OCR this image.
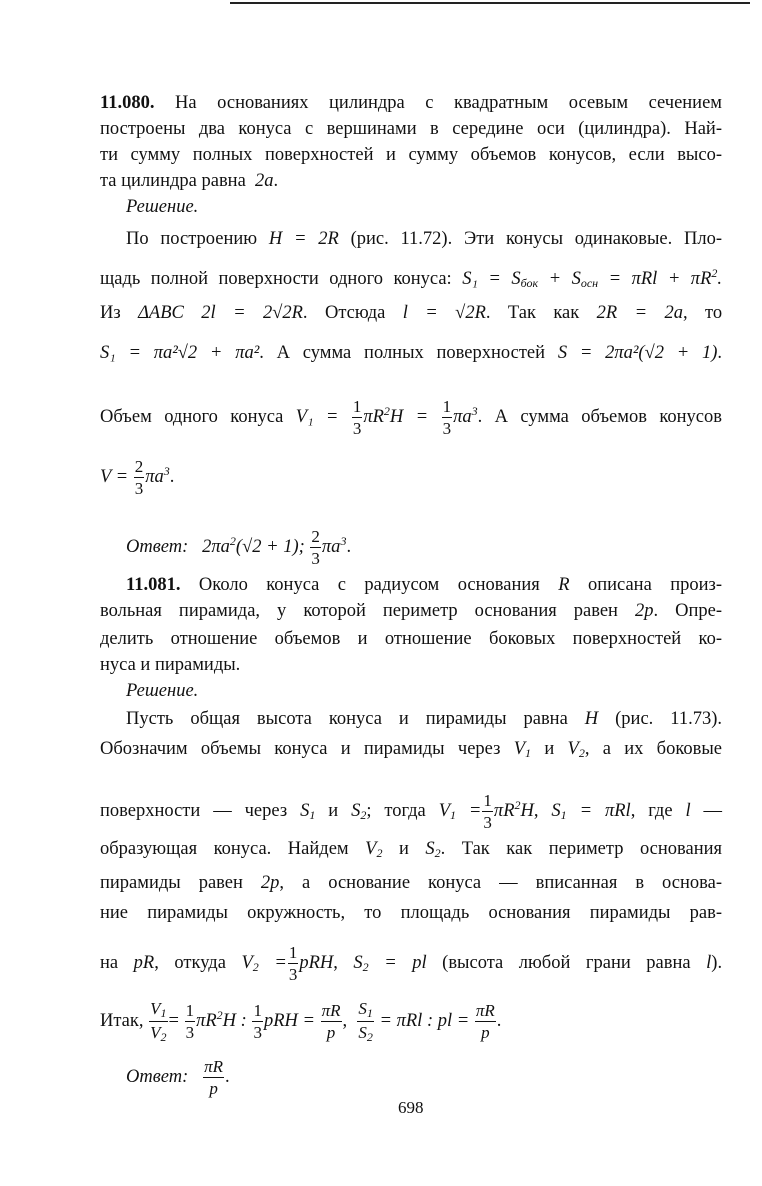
11.080. На основаниях цилиндра с квадратным осевым сечением
построены два конуса с вершинами в середине оси (цилиндра). Най-
ти сумму полных поверхностей и сумму объемов конусов, если высо-
та цилиндра равна 2a.
Решение.
По построению H = 2R (рис. 11.72). Эти конусы одинаковые. Пло-
щадь полной поверхности одного конуса: $S_1 = S_{бок} + S_{осн} = \pi Rl + \pi R^2$.
Из ΔABC 2l = 2√2R. Отсюда l = √2R. Так как 2R = 2a, то
S₁ = πa²√2 + πa². А сумма полных поверхностей S = 2πa²(√2 + 1).
Объем одного конуса $V_1 = \frac{1}{3} \pi R^2H = \frac{1}{3} \pi a^3$. А сумма объемов конусов
$V = \frac{2}{3} \pi a^3$.
Ответ: $2\pi a^2(√2 + 1)$; $\frac{2}{3} \pi a^3$.
11.081. Около конуса с радиусом основания R описана произ-
вольная пирамида, у которой периметр основания равен 2p. Опре-
делить отношение объемов и отношение боковых поверхностей ко-
нуса и пирамиды.
Решение.
Пусть общая высота конуса и пирамиды равна H (рис. 11.73).
Обозначим объемы конуса и пирамиды через $V_1$ и $V_2$, а их боковые
поверхности — через $S_1$ и $S_2$; тогда $V_1 = \frac{1}{3} \pi R^2H$, $S_1 = \pi Rl$, где l —
образующая конуса. Найдем $V_2$ и $S_2$. Так как периметр основания
пирамиды равен 2p, а основание конуса — вписанная в основа-
ние пирамиды окружность, то площадь основания пирамиды рав-
на pR, откуда $V_2 = \frac{1}{3}$ pRH, $S_2$ = pl (высота любой грани равна l).
Итак, $\frac{V_1}{V_2} = \frac{1}{3} \pi R^2H$ : $\frac{1}{3}$ pRH = $\frac{\pi R}{p}$ , $\frac{S_1}{S_2} = \pi Rl$ : pl = $\frac{\pi R}{p}$ .
Ответ: $\frac{\pi R}{p}$ .
698
